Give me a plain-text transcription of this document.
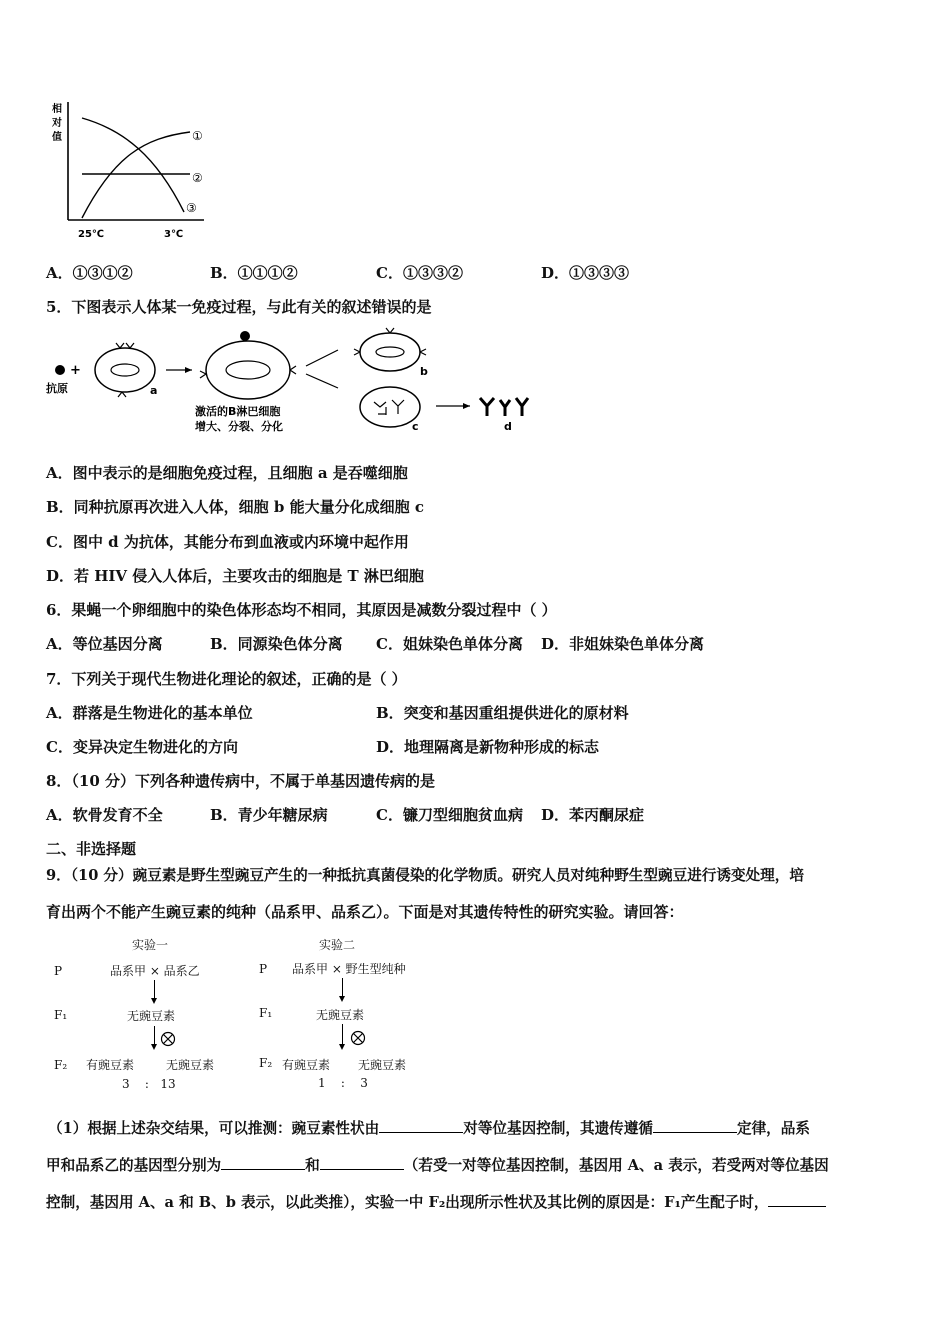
相
对
值	①
②
③
25℃	3℃
A．①③①②	B．①①①②	C．①③③②	D．①③③③
5．下图表示人体某一免疫过程，与此有关的叙述错误的是
+
抗原	a
激活的B淋巴细胞
增大、分裂、分化
b
c	d
A．图中表示的是细胞免疫过程，且细胞 a 是吞噬细胞
B．同种抗原再次进入人体，细胞 b 能大量分化成细胞 c
C．图中 d 为抗体，其能分布到血液或内环境中起作用
D．若 HIV 侵入人体后，主要攻击的细胞是 T 淋巴细胞
6．果蝇一个卵细胞中的染色体形态均不相同，其原因是减数分裂过程中（ ）
A．等位基因分离	B．同源染色体分离 C．姐妹染色单体分离 D．非姐妹染色单体分离
7．下列关于现代生物进化理论的叙述，正确的是（ ）
A．群落是生物进化的基本单位	B．突变和基因重组提供进化的原材料
C．变异决定生物进化的方向	D．地理隔离是新物种形成的标志
8．（10 分）下列各种遗传病中，不属于单基因遗传病的是
A．软骨发育不全	B．青少年糖尿病	C．镰刀型细胞贫血病 D．苯丙酮尿症
二、非选择题
9．（10 分）豌豆素是野生型豌豆产生的一种抵抗真菌侵染的化学物质。研究人员对纯种野生型豌豆进行诱变处理，培
育出两个不能产生豌豆素的纯种（品系甲、品系乙）。下面是对其遗传特性的研究实验。请回答：
实验一
P	品系甲 × 品系乙
F₁	无豌豆素
F₂ 有豌豆素	无豌豆素
3    :   13
实验二
P 品系甲 × 野生型纯种
F₁	无豌豆素
F₂ 有豌豆素 无豌豆素
1    :    3
（1）根据上述杂交结果，可以推测：豌豆素性状由	对等位基因控制，其遗传遵循	定律，品系
甲和品系乙的基因型分别为	和	（若受一对等位基因控制，基因用 A、a 表示，若受两对等位基因
控制，基因用 A、a 和 B、b 表示，以此类推），实验一中 F₂出现所示性状及其比例的原因是：F₁产生配子时，
